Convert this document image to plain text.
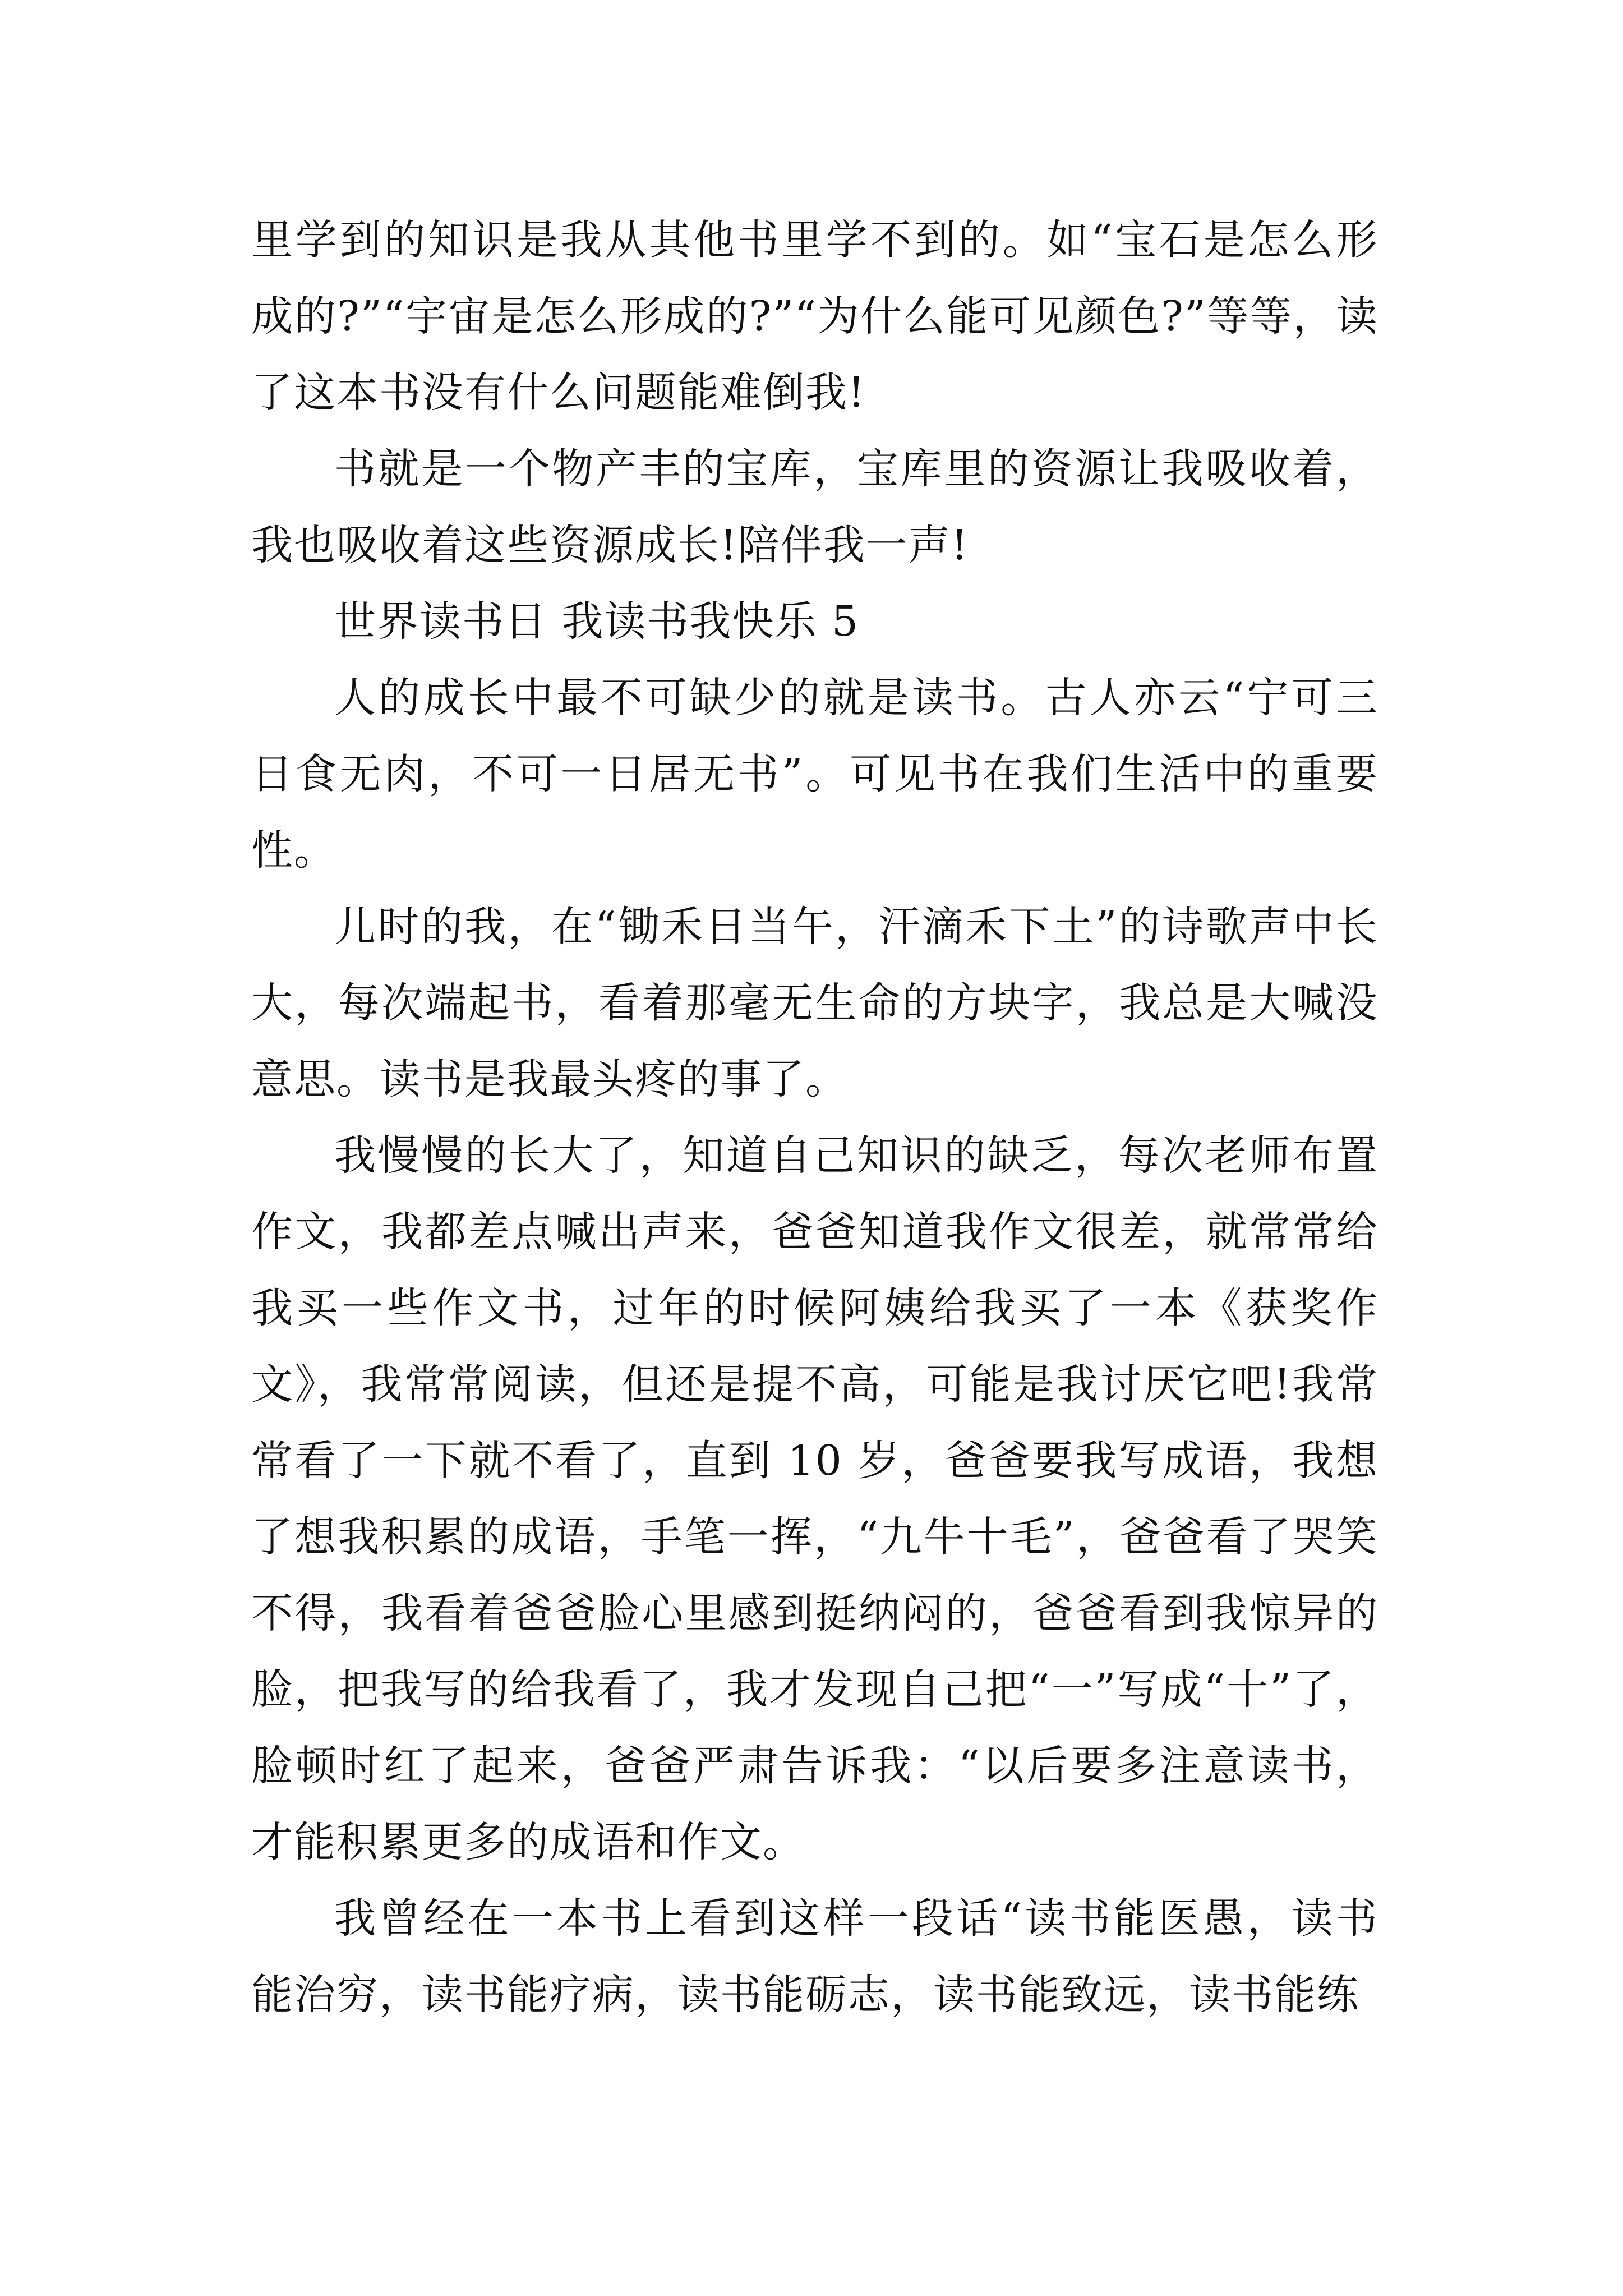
里学到的知识是我从其他书里学不到的。如“宝石是怎么形成的?”“宇宙是怎么形成的?”“为什么能可见颜色?”等等，读了这本书没有什么问题能难倒我!

书就是一个物产丰的宝库，宝库里的资源让我吸收着，我也吸收着这些资源成长!陪伴我一声!

世界读书日 我读书我快乐 5

人的成长中最不可缺少的就是读书。古人亦云“宁可三日食无肉，不可一日居无书”。可见书在我们生活中的重要性。

儿时的我，在“锄禾日当午，汗滴禾下土”的诗歌声中长大，每次端起书，看着那毫无生命的方块字，我总是大喊没意思。读书是我最头疼的事了。

我慢慢的长大了，知道自己知识的缺乏，每次老师布置作文，我都差点喊出声来，爸爸知道我作文很差，就常常给我买一些作文书，过年的时候阿姨给我买了一本《获奖作文》，我常常阅读，但还是提不高，可能是我讨厌它吧!我常常看了一下就不看了，直到 10 岁，爸爸要我写成语，我想了想我积累的成语，手笔一挥，“九牛十毛”，爸爸看了哭笑不得，我看着爸爸脸心里感到挺纳闷的，爸爸看到我惊异的脸，把我写的给我看了，我才发现自己把“一”写成“十”了，脸顿时红了起来，爸爸严肃告诉我：“以后要多注意读书，才能积累更多的成语和作文。

我曾经在一本书上看到这样一段话“读书能医愚，读书能治穷，读书能疗病，读书能砺志，读书能致远，读书能练
